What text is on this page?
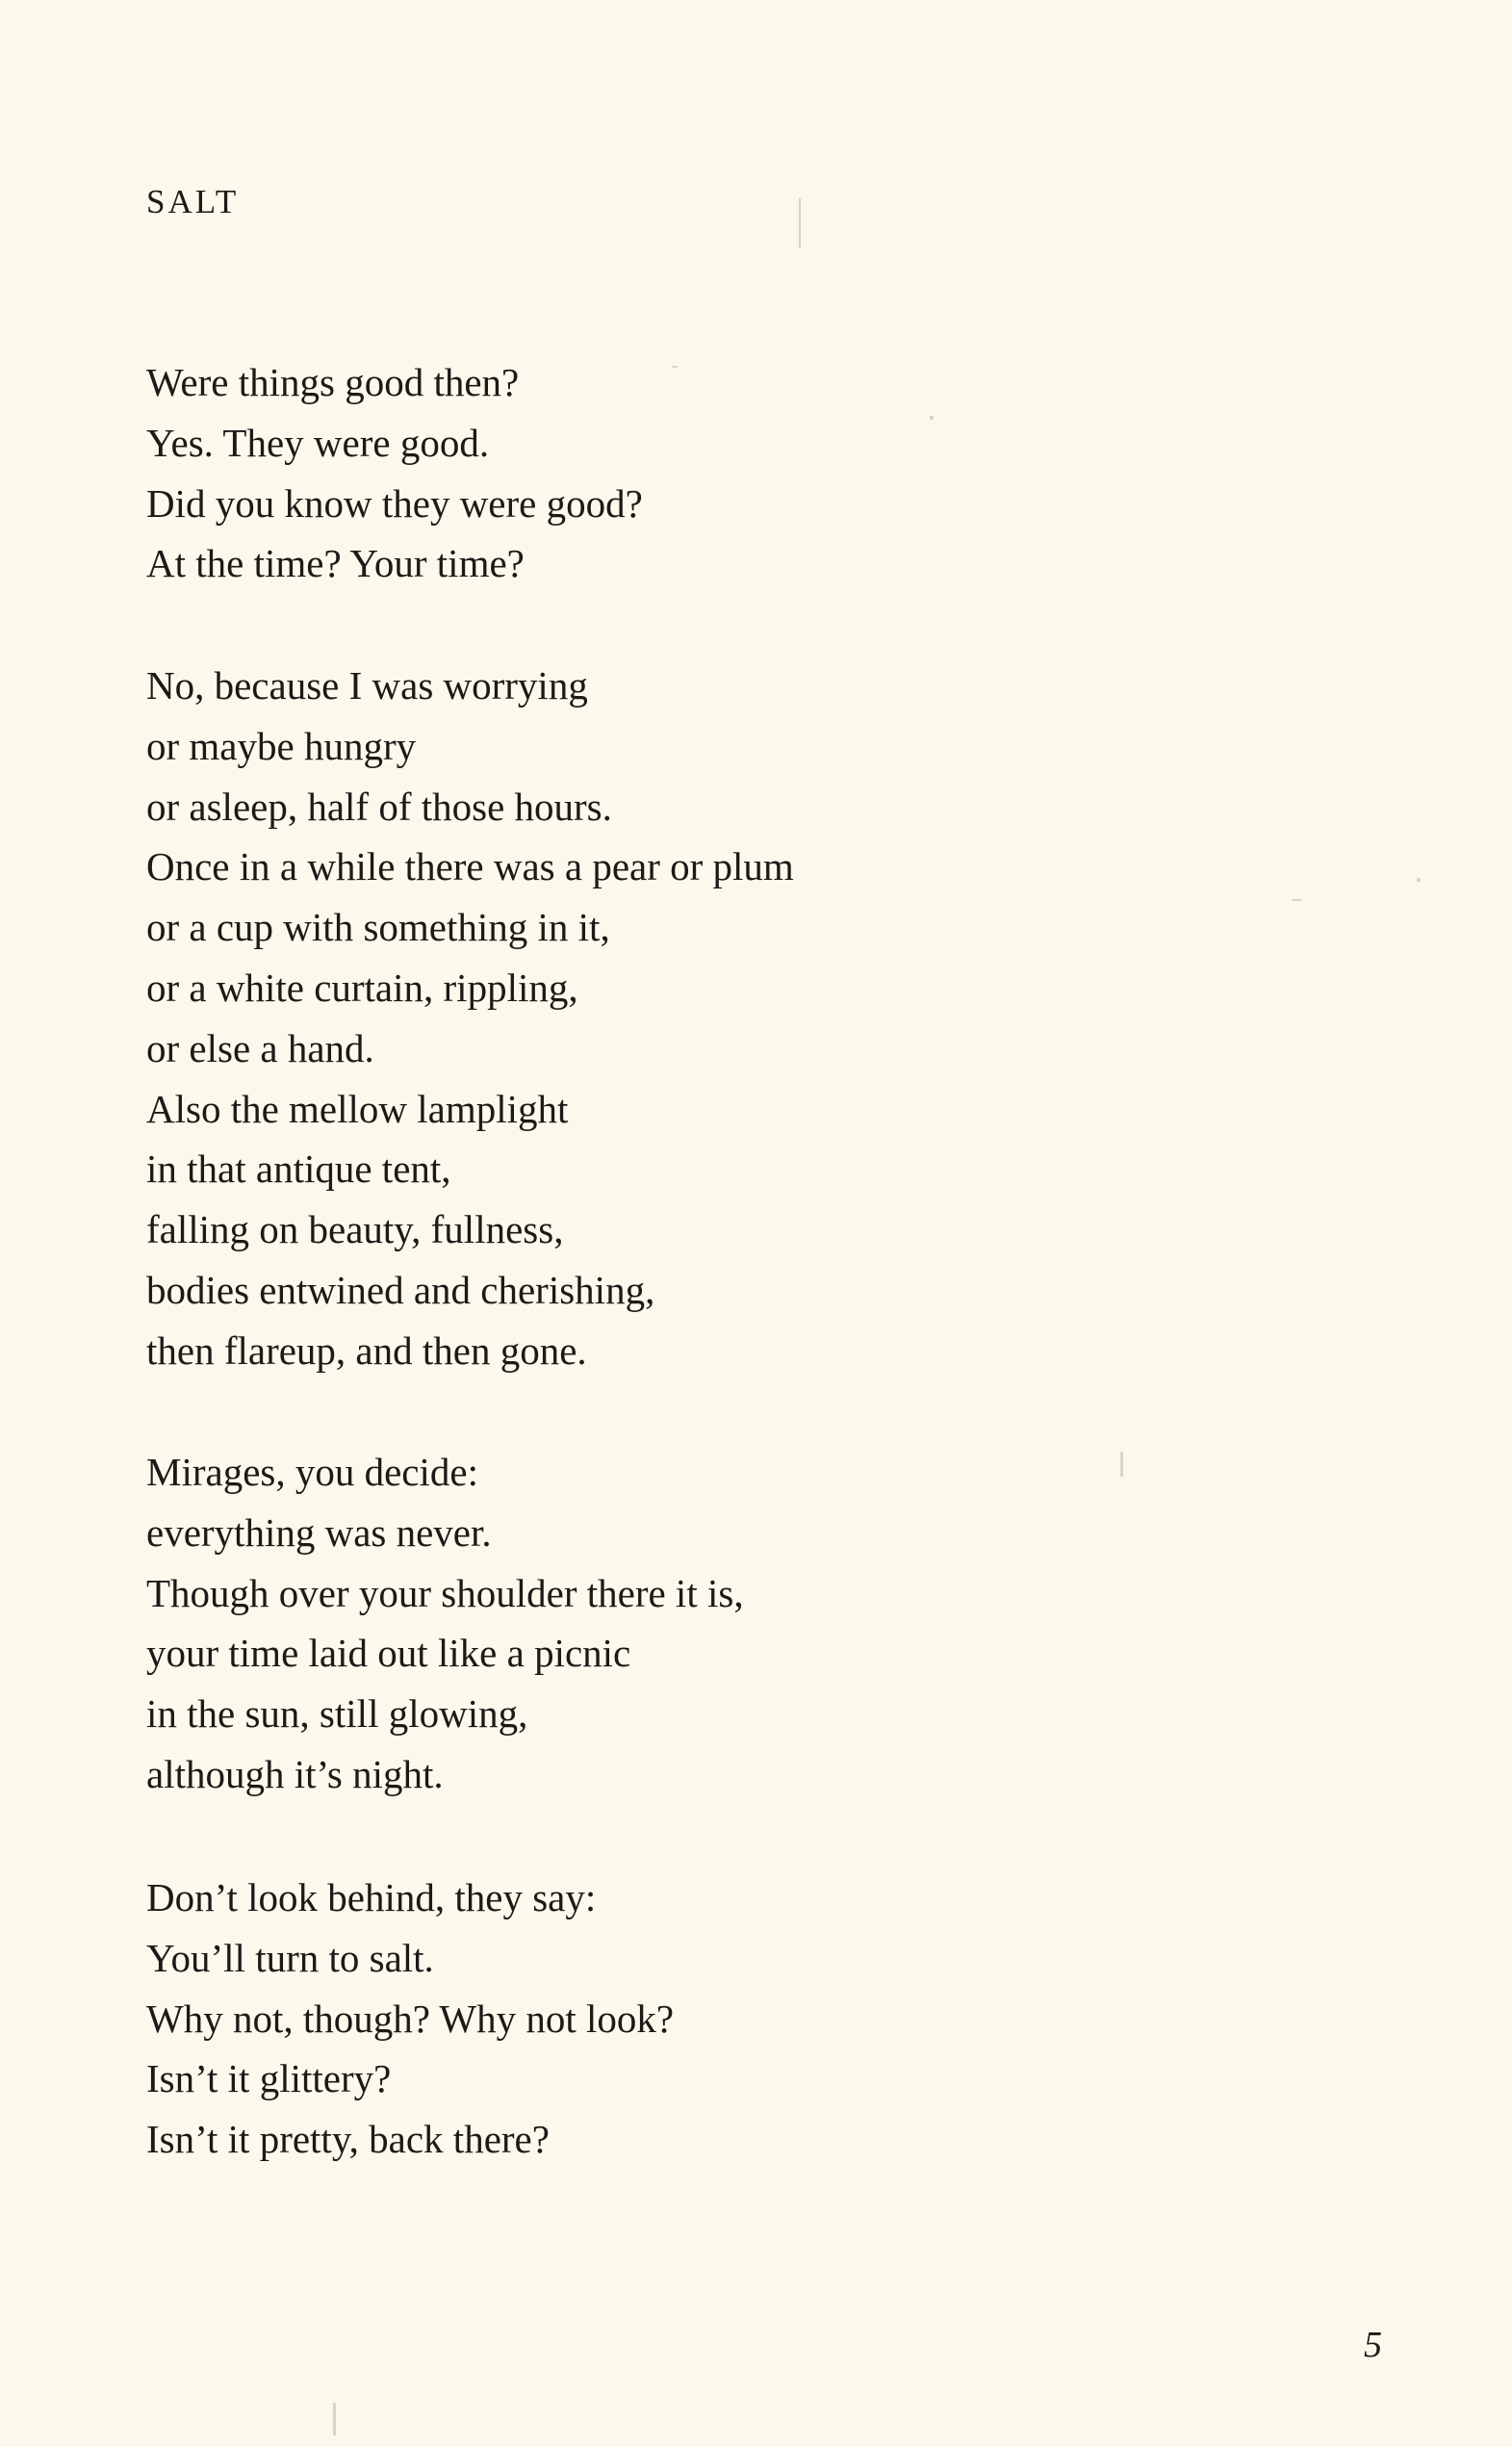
SALT
Were things good then?
Yes. They were good.
Did you know they were good?
At the time? Your time?
No, because I was worrying
or maybe hungry
or asleep, half of those hours.
Once in a while there was a pear or plum
or a cup with something in it,
or a white curtain, rippling,
or else a hand.
Also the mellow lamplight
in that antique tent,
falling on beauty, fullness,
bodies entwined and cherishing,
then flareup, and then gone.
Mirages, you decide:
everything was never.
Though over your shoulder there it is,
your time laid out like a picnic
in the sun, still glowing,
although it’s night.
Don’t look behind, they say:
You’ll turn to salt.
Why not, though? Why not look?
Isn’t it glittery?
Isn’t it pretty, back there?
5
